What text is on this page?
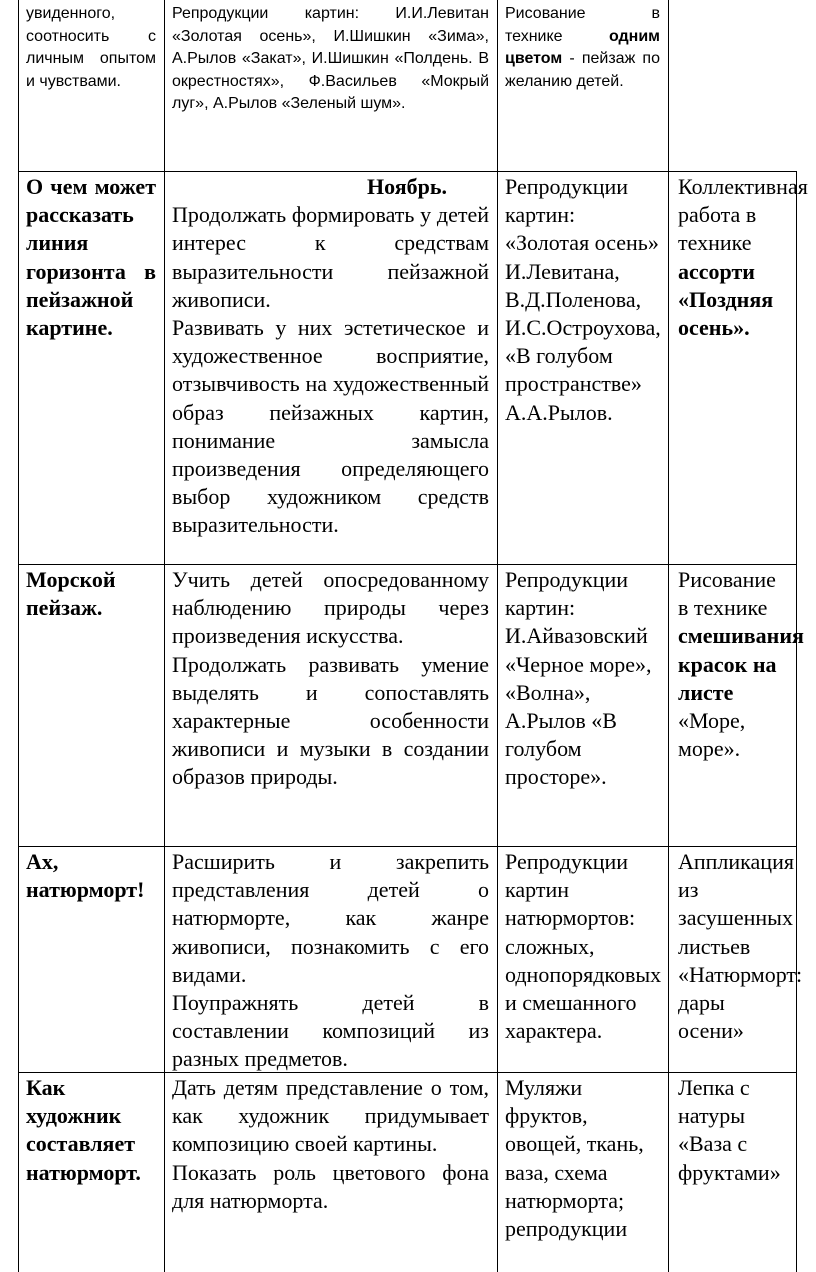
увиденного, соотносить с личным опытом и чувствами.
Репродукции картин: И.И.Левитан «Золотая осень», И.Шишкин «Зима», А.Рылов «Закат», И.Шишкин «Полдень. В окрестностях», Ф.Васильев «Мокрый луг», А.Рылов «Зеленый шум».
Рисование в технике одним цветом - пейзаж по желанию детей.
О чем может рассказать линия горизонта в пейзажной картине.
Ноябрь.
Продолжать формировать у детей интерес к средствам выразительности пейзажной живописи.
Развивать у них эстетическое и художественное восприятие, отзывчивость на художественный образ пейзажных картин, понимание замысла произведения определяющего выбор художником средств выразительности.
Репродукции картин: «Золотая осень» И.Левитана, В.Д.Поленова, И.С.Остроухова, «В голубом пространстве» А.А.Рылов.
Коллективная работа в технике ассорти «Поздняя осень».
Морской пейзаж.
Учить детей опосредованному наблюдению природы через произведения искусства.
Продолжать развивать умение выделять и сопоставлять характерные особенности живописи и музыки в создании образов природы.
Репродукции картин: И.Айвазовский «Черное море», «Волна», А.Рылов «В голубом просторе».
Рисование в технике смешивания красок на листе «Море, море».
Ах, натюрморт!
Расширить и закрепить представления детей о натюрморте, как жанре живописи, познакомить с его видами.
Поупражнять детей в составлении композиций из разных предметов.
Репродукции картин натюрмортов: сложных, однопорядковых и смешанного характера.
Аппликация из засушенных листьев «Натюрморт: дары осени»
Как художник составляет натюрморт.
Дать детям представление о том, как художник придумывает композицию своей картины.
Показать роль цветового фона для натюрморта.
Муляжи фруктов, овощей, ткань, ваза, схема натюрморта; репродукции
Лепка с натуры «Ваза с фруктами»
